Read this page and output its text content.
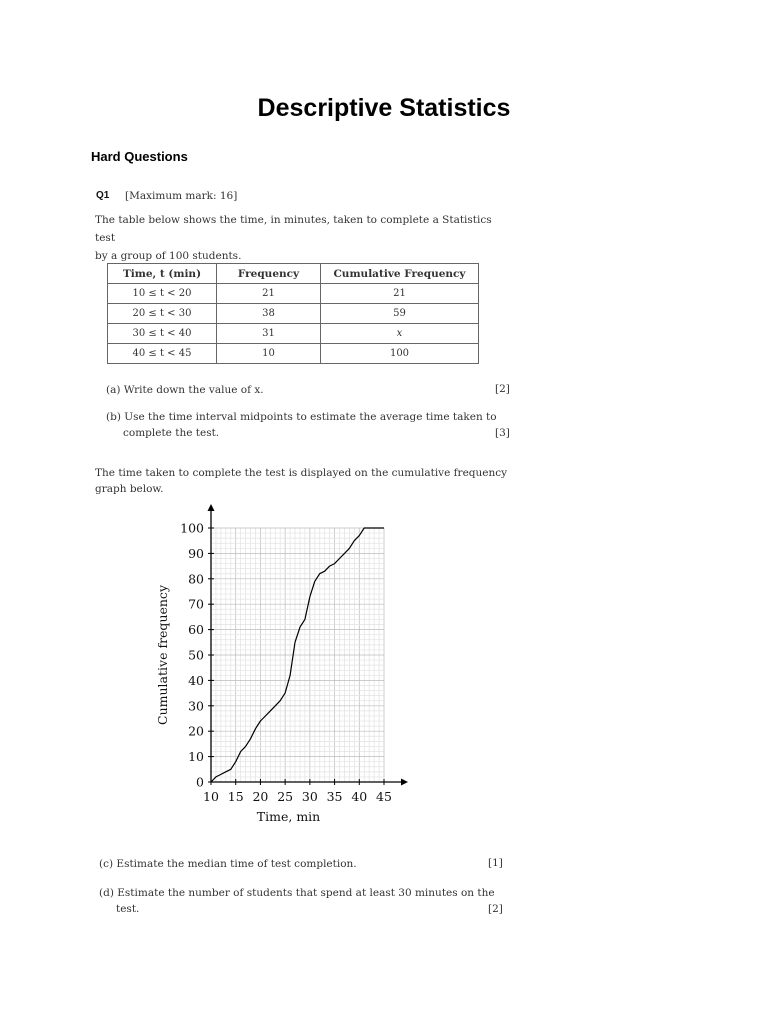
Descriptive Statistics
Hard Questions
Q1 [Maximum mark: 16]
The table below shows the time, in minutes, taken to complete a Statistics test
by a group of 100 students.
Time, t (min)	Frequency	Cumulative Frequency
10 ≤ t < 20	21	21
20 ≤ t < 30	38	59
30 ≤ t < 40	31	x
40 ≤ t < 45	10	100
(a) Write down the value of x.	[2]
(b) Use the time interval midpoints to estimate the average time taken to
complete the test.	[3]
The time taken to complete the test is displayed on the cumulative frequency
graph below.
10 15 20 25 30 35 40 45
0
10
20
30
40
50
60
70
80
90
100
Time, min
Cumulative frequency
(c) Estimate the median time of test completion.	[1]
(d) Estimate the number of students that spend at least 30 minutes on the
test.	[2]
